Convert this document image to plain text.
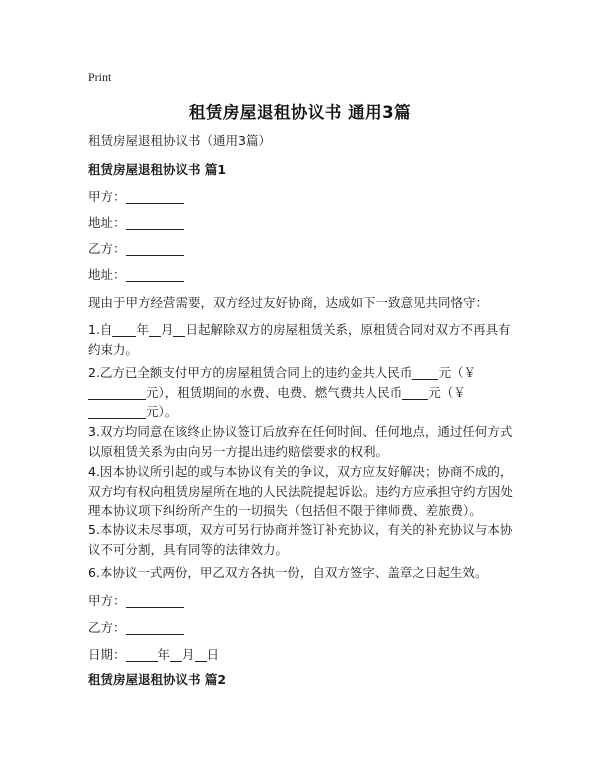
Print
租赁房屋退租协议书 通用3篇
租赁房屋退租协议书（通用3篇）
租赁房屋退租协议书 篇1
甲方：
地址：
乙方：
地址：
现由于甲方经营需要，双方经过友好协商，达成如下一致意见共同恪守：
1.自 年 月 日起解除双方的房屋租赁关系，原租赁合同对双方不再具有约束力。
2.乙方已全额支付甲方的房屋租赁合同上的违约金共人民币 元（￥
元），租赁期间的水费、电费、燃气费共人民币 元（￥
元）。
3.双方均同意在该终止协议签订后放弃在任何时间、任何地点，通过任何方式以原租赁关系为由向另一方提出违约赔偿要求的权利。
4.因本协议所引起的或与本协议有关的争议，双方应友好解决；协商不成的，双方均有权向租赁房屋所在地的人民法院提起诉讼。违约方应承担守约方因处理本协议项下纠纷所产生的一切损失（包括但不限于律师费、差旅费）。
5.本协议未尽事项，双方可另行协商并签订补充协议，有关的补充协议与本协议不可分割，具有同等的法律效力。
6.本协议一式两份，甲乙双方各执一份，自双方签字、盖章之日起生效。
甲方：
乙方：
日期：	年 月 日
租赁房屋退租协议书 篇2
